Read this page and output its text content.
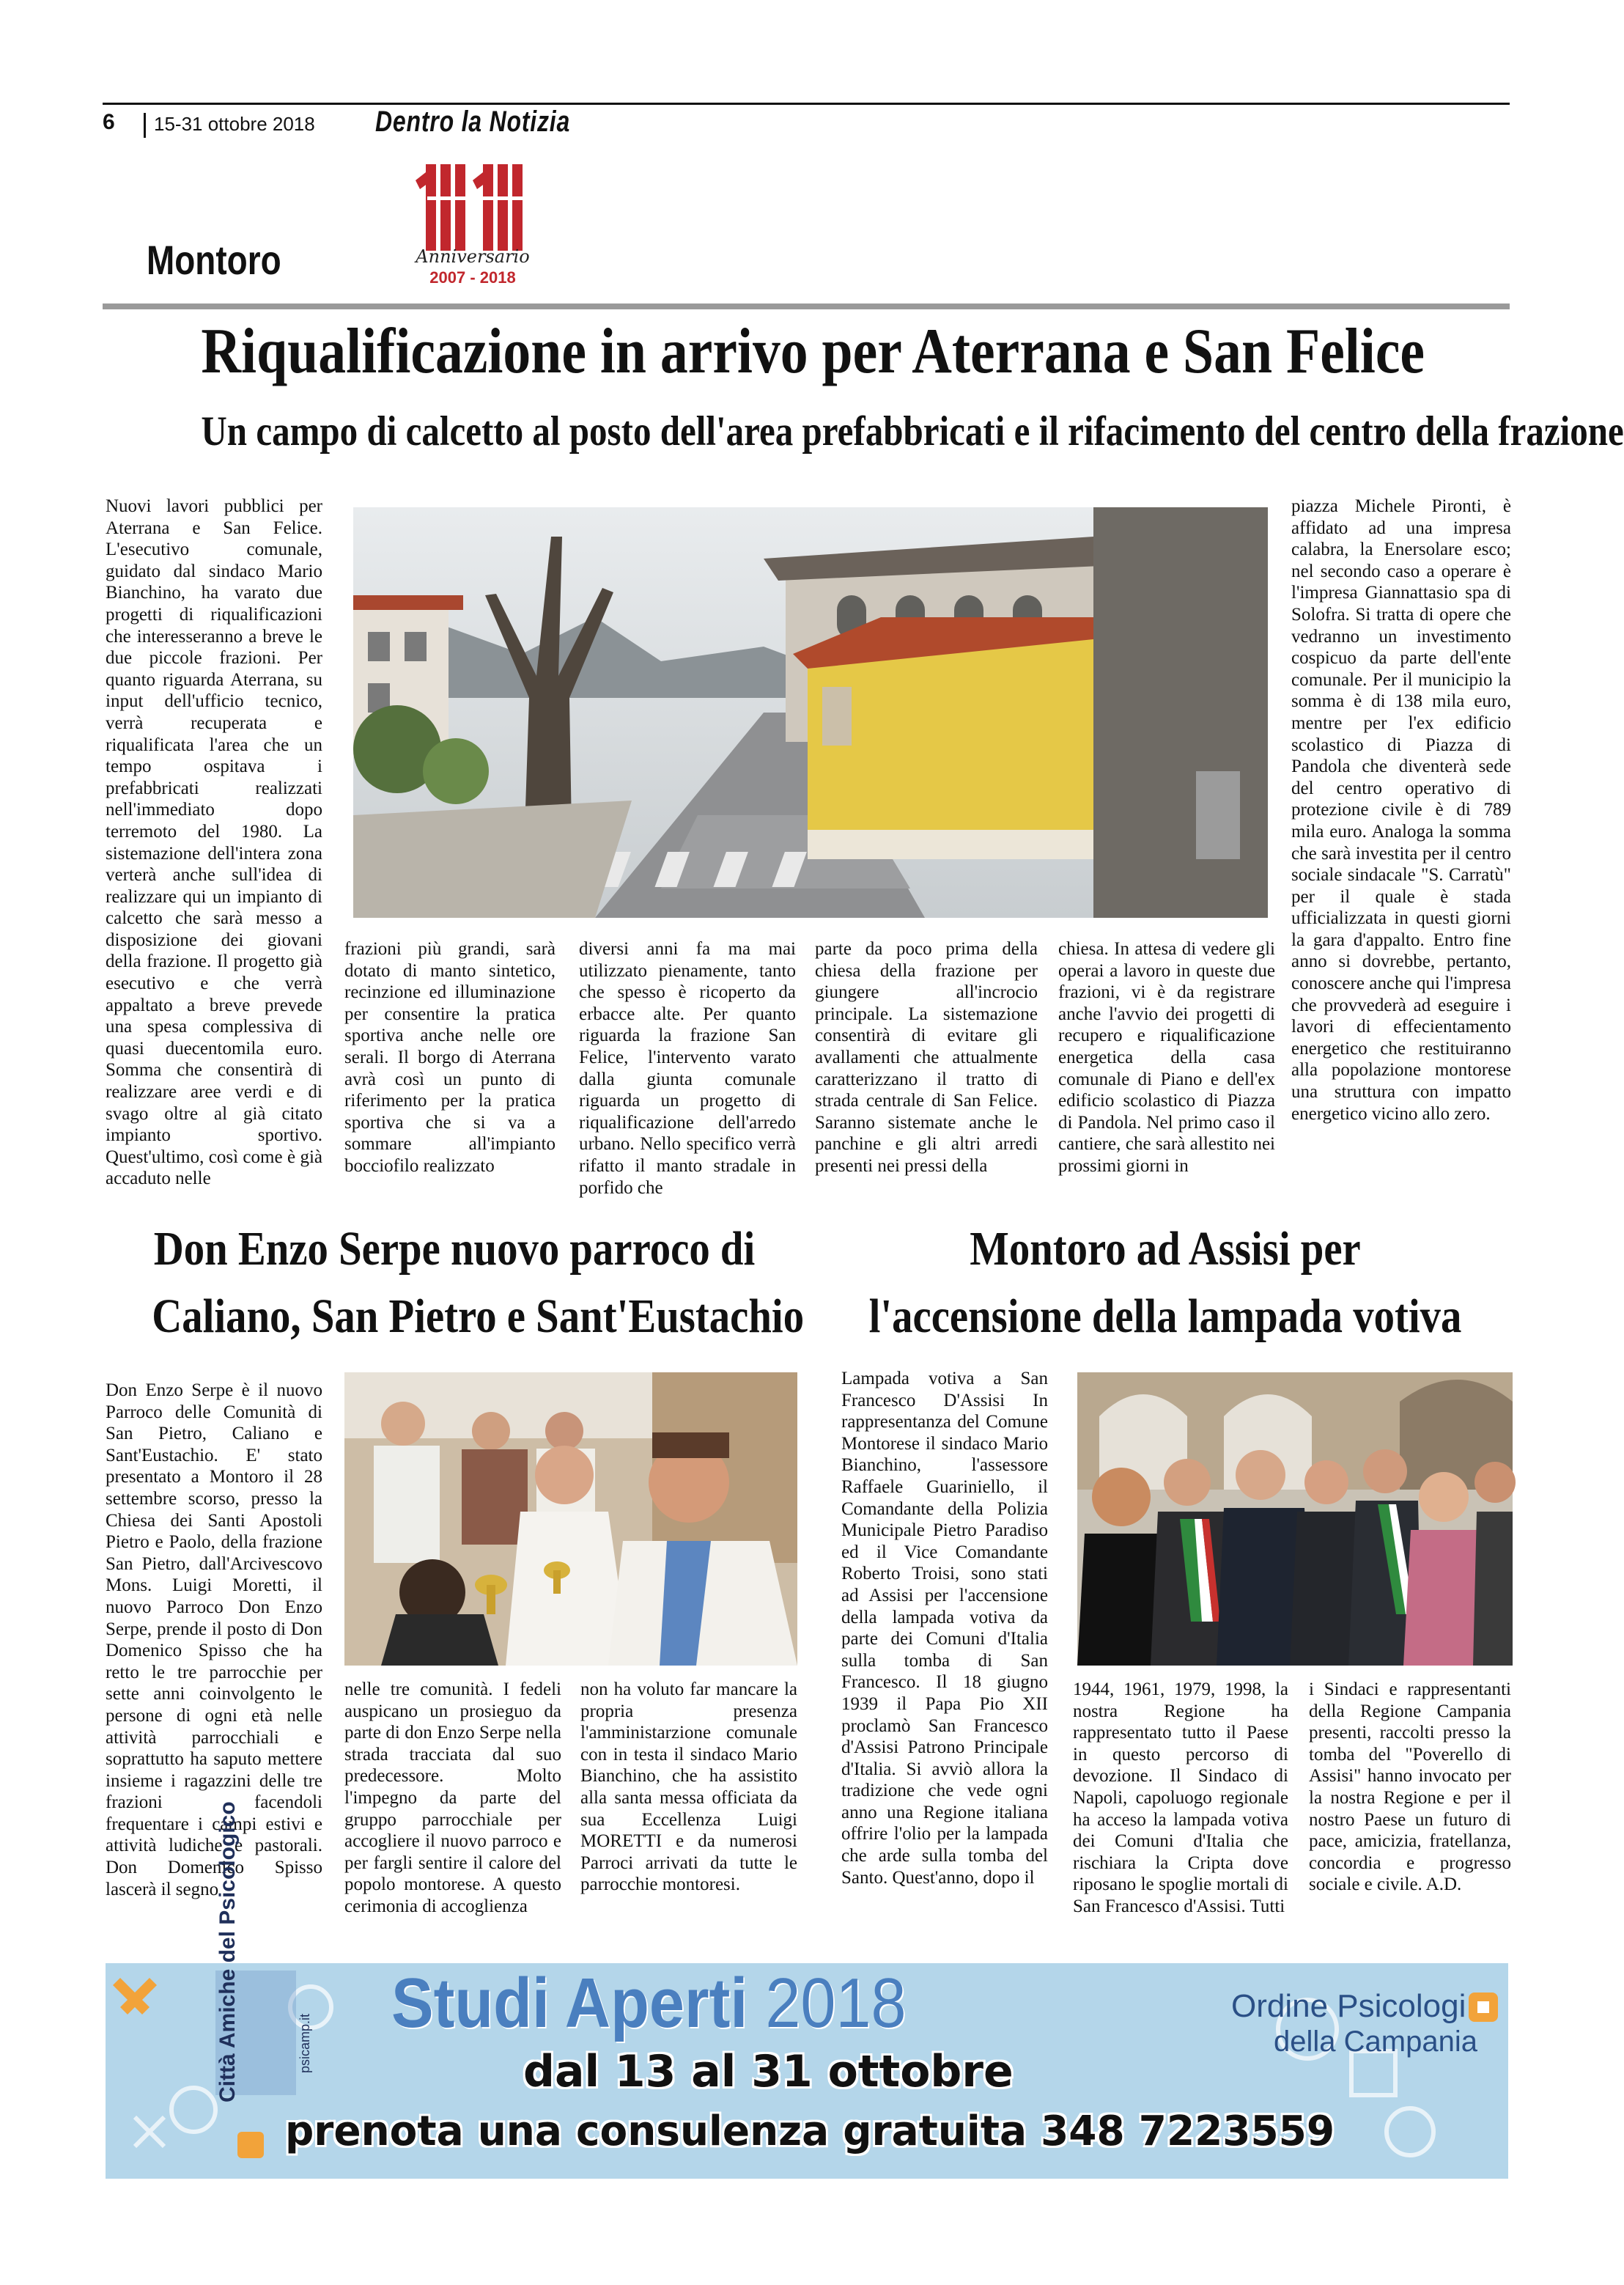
6 15-31 ottobre 2018 Dentro la Notizia
Montoro	Anniversario
2007 - 2018
Riqualificazione in arrivo per Aterrana e San Felice
Un campo di calcetto al posto dell'area prefabbricati e il rifacimento del centro della frazione

Nuovi lavori pubblici per Aterrana e San Felice. L'esecutivo comunale, guidato dal sindaco Mario Bianchino, ha varato due progetti di riqualificazioni che interesseranno a breve le due piccole frazioni. Per quanto riguarda Aterrana, su input dell'ufficio tecnico, verrà recuperata e riqualificata l'area che un tempo ospitava i prefabbricati realizzati nell'immediato dopo terremoto del 1980. La sistemazione dell'intera zona verterà anche sull'idea di realizzare qui un impianto di calcetto che sarà messo a disposizione dei giovani della frazione. Il progetto già esecutivo e che verrà appaltato a breve prevede una spesa complessiva di quasi duecentomila euro. Somma che consentirà di realizzare aree verdi e di svago oltre al già citato impianto sportivo. Quest'ultimo, così come è già accaduto nelle

frazioni più grandi, sarà dotato di manto sintetico, recinzione ed illuminazione per consentire la pratica sportiva anche nelle ore serali. Il borgo di Aterrana avrà così un punto di riferimento per la pratica sportiva che si va a sommare all'impianto bocciofilo realizzato

diversi anni fa ma mai utilizzato pienamente, tanto che spesso è ricoperto da erbacce alte. Per quanto riguarda la frazione San Felice, l'intervento varato dalla giunta comunale riguarda un progetto di riqualificazione dell'arredo urbano. Nello specifico verrà rifatto il manto stradale in porfido che

parte da poco prima della chiesa della frazione per giungere all'incrocio principale. La sistemazione consentirà di evitare gli avallamenti che attualmente caratterizzano il tratto di strada centrale di San Felice. Saranno sistemate anche le panchine e gli altri arredi presenti nei pressi della

chiesa. In attesa di vedere gli operai a lavoro in queste due frazioni, vi è da registrare anche l'avvio dei progetti di recupero e riqualificazione energetica della casa comunale di Piano e dell'ex edificio scolastico di Piazza di Pandola. Nel primo caso il cantiere, che sarà allestito nei prossimi giorni in

piazza Michele Pironti, è affidato ad una impresa calabra, la Enersolare esco; nel secondo caso a operare è l'impresa Giannattasio spa di Solofra. Si tratta di opere che vedranno un investimento cospicuo da parte dell'ente comunale. Per il municipio la somma è di 138 mila euro, mentre per l'ex edificio scolastico di Piazza di Pandola che diventerà sede del centro operativo di protezione civile è di 789 mila euro. Analoga la somma che sarà investita per il centro sociale sindacale "S. Carratù" per il quale è stada ufficializzata in questi giorni la gara d'appalto. Entro fine anno si dovrebbe, pertanto, conoscere anche qui l'impresa che provvederà ad eseguire i lavori di effecientamento energetico che restituiranno alla popolazione montorese una struttura con impatto energetico vicino allo zero.

Don Enzo Serpe nuovo parroco di
Caliano, San Pietro e Sant'Eustachio

Don Enzo Serpe è il nuovo Parroco delle Comunità di San Pietro, Caliano e Sant'Eustachio. E' stato presentato a Montoro il 28 settembre scorso, presso la Chiesa dei Santi Apostoli Pietro e Paolo, della frazione San Pietro, dall'Arcivescovo Mons. Luigi Moretti, il nuovo Parroco Don Enzo Serpe, prende il posto di Don Domenico Spisso che ha retto le tre parrocchie per sette anni coinvolgento le persone di ogni età nelle attività parrocchiali e soprattutto ha saputo mettere insieme i ragazzini delle tre frazioni facendoli frequentare i campi estivi e attività ludiche e pastorali. Don Domenico Spisso lascerà il segno

nelle tre comunità. I fedeli auspicano un prosieguo da parte di don Enzo Serpe nella strada tracciata dal suo predecessore. Molto l'impegno da parte del gruppo parrocchiale per accogliere il nuovo parroco e per fargli sentire il calore del popolo montorese. A questo cerimonia di accoglienza

non ha voluto far mancare la propria presenza l'amministarzione comunale con in testa il sindaco Mario Bianchino, che ha assistito alla santa messa officiata da sua Eccellenza Luigi MORETTI e da numerosi Parroci arrivati da tutte le parrocchie montoresi.

Montoro ad Assisi per
l'accensione della lampada votiva

Lampada votiva a San Francesco D'Assisi In rappresentanza del Comune Montorese il sindaco Mario Bianchino, l'assessore Raffaele Guariniello, il Comandante della Polizia Municipale Pietro Paradiso ed il Vice Comandante Roberto Troisi, sono stati ad Assisi per l'accensione della lampada votiva da parte dei Comuni d'Italia sulla tomba di San Francesco. Il 18 giugno 1939 il Papa Pio XII proclamò San Francesco d'Assisi Patrono Principale d'Italia. Si avviò allora la tradizione che vede ogni anno una Regione italiana offrire l'olio per la lampada che arde sulla tomba del Santo. Quest'anno, dopo il

1944, 1961, 1979, 1998, la nostra Regione ha rappresentato tutto il Paese in questo percorso di devozione. Il Sindaco di Napoli, capoluogo regionale ha acceso la lampada votiva dei Comuni d'Italia che rischiara la Cripta dove riposano le spoglie mortali di San Francesco d'Assisi. Tutti

i Sindaci e rappresentanti della Regione Campania presenti, raccolti presso la tomba del "Poverello di Assisi" hanno invocato per la nostra Regione e per il nostro Paese un futuro di pace, amicizia, fratellanza, concordia e progresso sociale e civile. A.D.

Città Amiche del Psicologico	psicamp.it
Studi Aperti 2018
dal 13 al 31 ottobre
prenota una consulenza gratuita 348 7223559
Ordine Psicologi
della Campania
